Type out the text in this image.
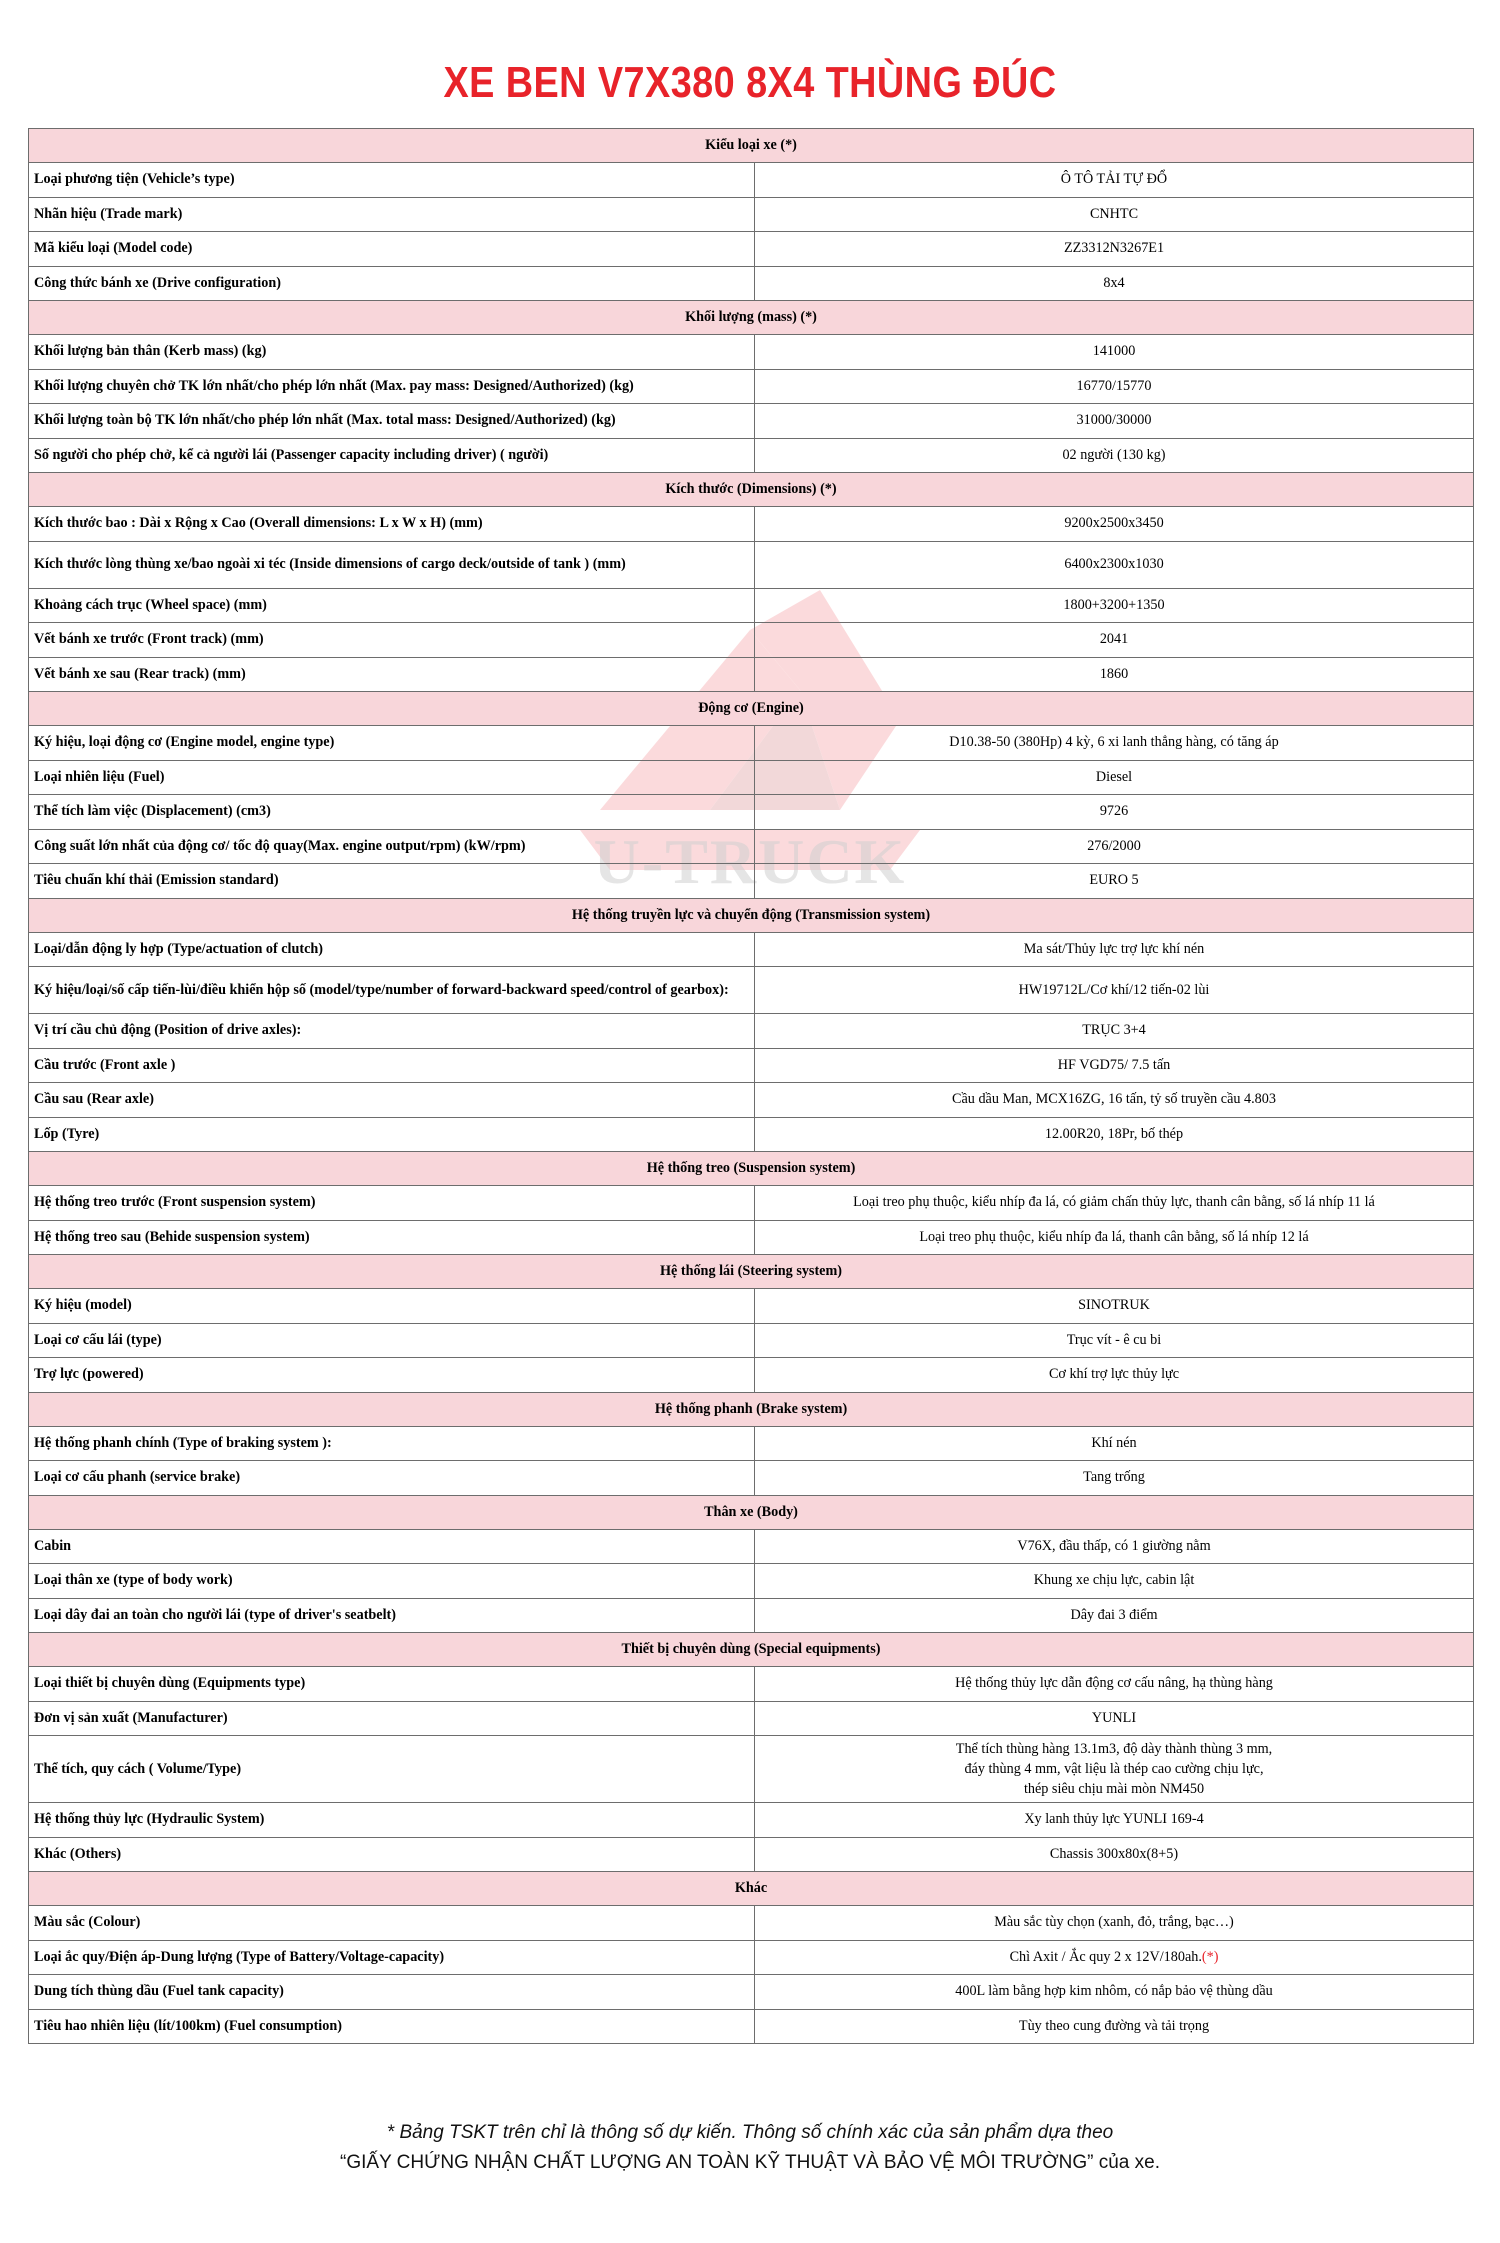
XE BEN V7X380 8X4 THÙNG ĐÚC
U-TRUCK
Kiểu loại xe (*)	
Loại phương tiện (Vehicle’s type)	Ô TÔ TẢI TỰ ĐỔ
Nhãn hiệu (Trade mark)	CNHTC
Mã kiểu loại (Model code)	ZZ3312N3267E1
Công thức bánh xe (Drive configuration)	8x4
Khối lượng (mass) (*)	
Khối lượng bản thân (Kerb mass) (kg)	141000
Khối lượng chuyên chở TK lớn nhất/cho phép lớn nhất (Max. pay mass: Designed/Authorized) (kg)	16770/15770
Khối lượng toàn bộ TK lớn nhất/cho phép lớn nhất (Max. total mass: Designed/Authorized) (kg)	31000/30000
Số người cho phép chở, kể cả người lái (Passenger capacity including driver) ( người)	02 người (130 kg)
Kích thước (Dimensions) (*)	
Kích thước bao : Dài x Rộng x Cao (Overall dimensions: L x W x H) (mm)	9200x2500x3450
Kích thước lòng thùng xe/bao ngoài xi téc (Inside dimensions of cargo deck/outside of tank ) (mm)	6400x2300x1030
Khoảng cách trục (Wheel space) (mm)	1800+3200+1350
Vết bánh xe trước (Front track) (mm)	2041
Vết bánh xe sau (Rear track) (mm)	1860
Động cơ (Engine)	
Ký hiệu, loại động cơ (Engine model, engine type)	D10.38-50 (380Hp) 4 kỳ, 6 xi lanh thẳng hàng, có tăng áp
Loại nhiên liệu (Fuel)	Diesel
Thể tích làm việc (Displacement) (cm3)	9726
Công suất lớn nhất của động cơ/ tốc độ quay(Max. engine output/rpm) (kW/rpm)	276/2000
Tiêu chuẩn khí thải (Emission standard)	EURO 5
Hệ thống truyền lực và chuyển động (Transmission system)	
Loại/dẫn động ly hợp (Type/actuation of clutch)	Ma sát/Thủy lực trợ lực khí nén
Ký hiệu/loại/số cấp tiến-lùi/điều khiển hộp số (model/type/number of forward-backward speed/control of gearbox):	HW19712L/Cơ khí/12 tiến-02 lùi
Vị trí cầu chủ động (Position of drive axles):	TRỤC 3+4
Cầu trước (Front axle )	HF VGD75/ 7.5 tấn
Cầu sau (Rear axle)	Cầu dầu Man, MCX16ZG, 16 tấn, tỷ số truyền cầu 4.803
Lốp (Tyre)	12.00R20, 18Pr, bố thép
Hệ thống treo (Suspension system)	
Hệ thống treo trước (Front suspension system)	Loại treo phụ thuộc, kiểu nhíp đa lá, có giảm chấn thủy lực, thanh cân bằng, số lá nhíp 11 lá
Hệ thống treo sau (Behide suspension system)	Loại treo phụ thuộc, kiểu nhíp đa lá, thanh cân bằng, số lá nhíp 12 lá
Hệ thống lái (Steering system)	
Ký hiệu (model)	SINOTRUK
Loại cơ cấu lái (type)	Trục vít - ê cu bi
Trợ lực (powered)	Cơ khí trợ lực thủy lực
Hệ thống phanh (Brake system)	
Hệ thống phanh chính (Type of braking system ):	Khí nén
Loại cơ cấu phanh (service brake)	Tang trống
Thân xe (Body)	
Cabin	V76X, đầu thấp, có 1 giường nằm
Loại thân xe (type of body work)	Khung xe chịu lực, cabin lật
Loại dây đai an toàn cho người lái (type of driver's seatbelt)	Dây đai 3 điểm
Thiết bị chuyên dùng (Special equipments)	
Loại thiết bị chuyên dùng (Equipments type)	Hệ thống thủy lực dẫn động cơ cấu nâng, hạ thùng hàng
Đơn vị sản xuất (Manufacturer)	YUNLI
Thể tích, quy cách ( Volume/Type)	Thể tích thùng hàng 13.1m3, độ dày thành thùng 3 mm,
đáy thùng 4 mm, vật liệu là thép cao cường chịu lực,
thép siêu chịu mài mòn NM450

Hệ thống thủy lực (Hydraulic System)	Xy lanh thủy lực YUNLI 169-4
Khác (Others)	Chassis 300x80x(8+5)
Khác	
Màu sắc (Colour)	Màu sắc tùy chọn (xanh, đỏ, trắng, bạc…)
Loại ắc quy/Điện áp-Dung lượng (Type of Battery/Voltage-capacity)	Chì Axit / Ắc quy 2 x 12V/180ah.(*)
Dung tích thùng dầu (Fuel tank capacity)	400L làm bằng hợp kim nhôm, có nắp bảo vệ thùng dầu
Tiêu hao nhiên liệu (lít/100km) (Fuel consumption)	Tùy theo cung đường và tải trọng
* Bảng TSKT trên chỉ là thông số dự kiến. Thông số chính xác của sản phẩm dựa theo
“GIẤY CHỨNG NHẬN CHẤT LƯỢNG AN TOÀN KỸ THUẬT VÀ BẢO VỆ MÔI TRƯỜNG” của xe.
